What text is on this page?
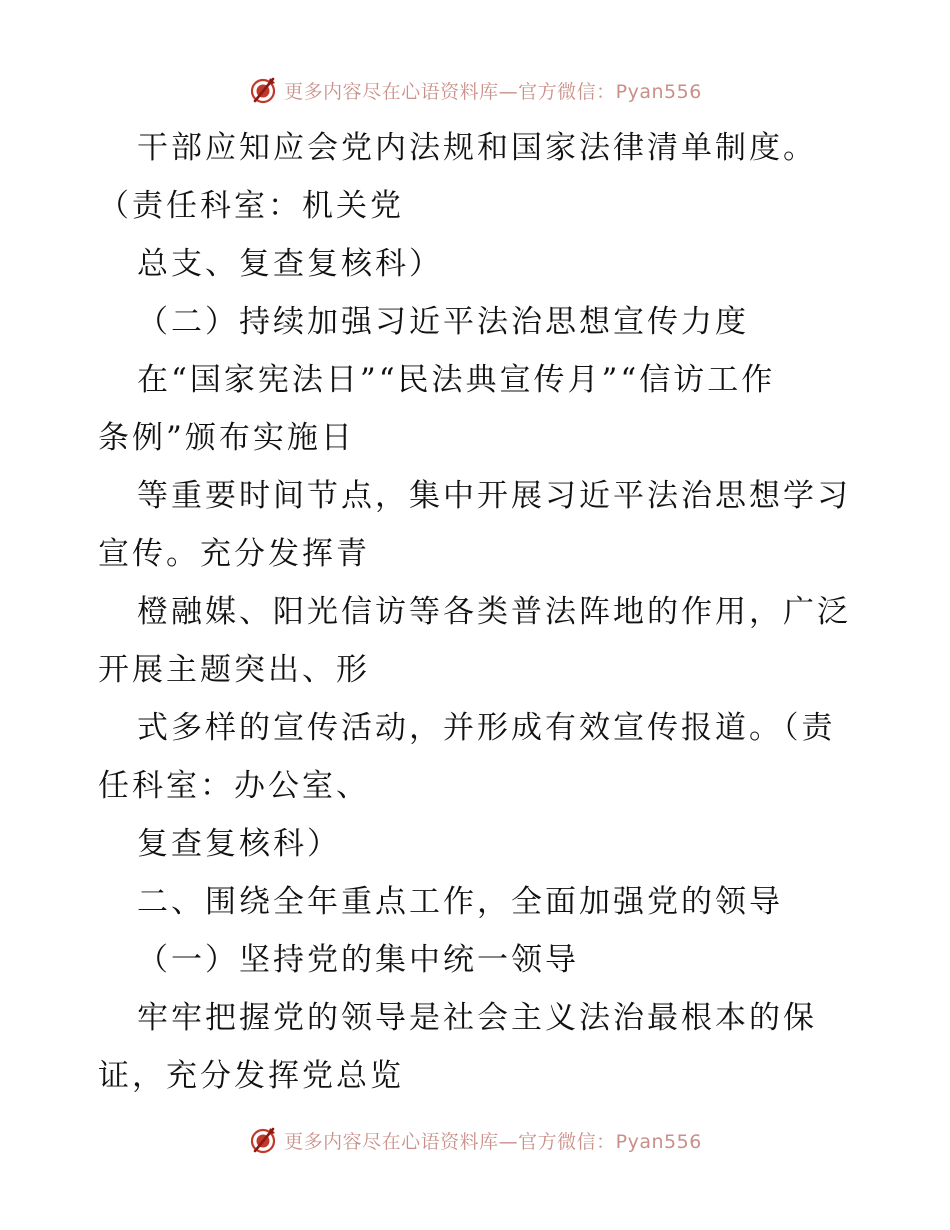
更多内容尽在心语资料库—官方微信：Pyan556
干部应知应会党内法规和国家法律清单制度。
（责任科室：机关党
总支、复查复核科）
（二）持续加强习近平法治思想宣传力度
在“国家宪法日”“民法典宣传月”“信访工作
条例”颁布实施日
等重要时间节点，集中开展习近平法治思想学习
宣传。充分发挥青
橙融媒、阳光信访等各类普法阵地的作用，广泛
开展主题突出、形
式多样的宣传活动，并形成有效宣传报道。（责
任科室：办公室、
复查复核科）
二、围绕全年重点工作，全面加强党的领导
（一）坚持党的集中统一领导
牢牢把握党的领导是社会主义法治最根本的保
证，充分发挥党总览
更多内容尽在心语资料库—官方微信：Pyan556
